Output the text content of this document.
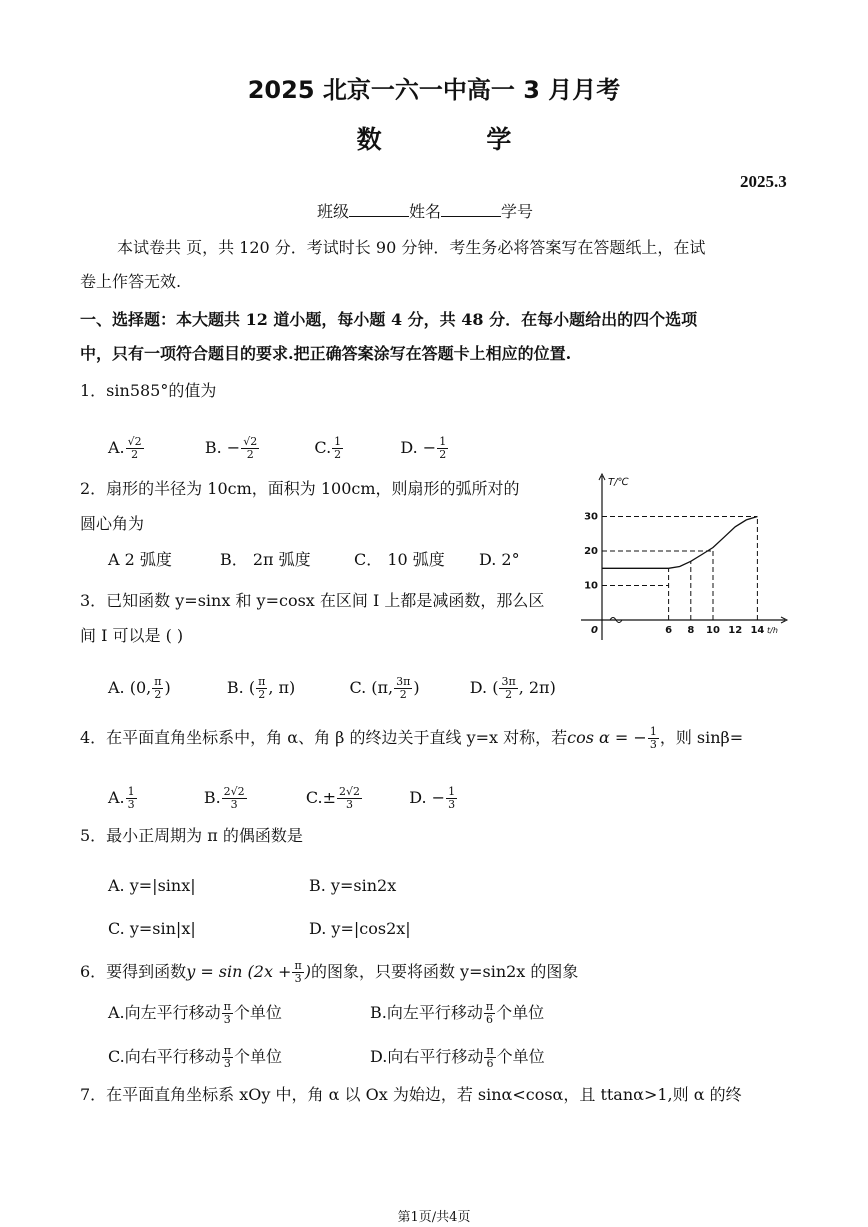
2025 北京一六一中高一 3 月月考
数 学
2025.3
班级	姓名	学号
本试卷共 页，共 120 分．考试时长 90 分钟．考生务必将答案写在答题纸上，在试
卷上作答无效.
一、选择题：本大题共 12 道小题，每小题 4 分，共 48 分．在每小题给出的四个选项
中，只有一项符合题目的要求.把正确答案涂写在答题卡上相应的位置.
1．sin585°的值为
A. $\frac{√2}{2}$	B. − $\frac{√2}{2}$	C. $\frac{1}{2}$	D. − $\frac{1}{2}$
2．扇形的半径为 10cm，面积为 100cm，则扇形的弧所对的
圆心角为
A 2 弧度	B． 2π 弧度	C． 10 弧度 D. 2°
T/℃
t/h
0	6 8 10 12 14
10
20
30
3．已知函数 y=sinx 和 y=cosx 在区间 I 上都是减函数，那么区
间 I 可以是 ( )
A. (0, $\frac{\pi}{2}$ )	B. ( $\frac{\pi}{2}$ , π)	C. (π, $\frac{3\pi}{2}$ )	D. ( $\frac{3\pi}{2}$ , 2π)
4．在平面直角坐标系中，角 α、角 β 的终边关于直线 y=x 对称，若cos α = − $\frac{1}{3}$ ，则 sinβ=
A. $\frac{1}{3}$	B. $\frac{2√2}{3}$	$C.\pm \frac{2√2}{3}$	D. − $\frac{1}{3}$
5．最小正周期为 π 的偶函数是
A. y=|sinx|	B. y=sin2x
C. y=sin|x|	D. y=|cos2x|
6．要得到函数$y = \sin (2x + \frac{\pi}{3}$ )的图象，只要将函数 y=sin2x 的图象
A.向左平行移动 $\frac{\pi}{3}$ 个单位	B.向左平行移动 $\frac{\pi}{6}$ 个单位
C.向右平行移动 $\frac{\pi}{3}$ 个单位	D.向右平行移动 $\frac{\pi}{6}$ 个单位
7．在平面直角坐标系 xOy 中，角 α 以 Ox 为始边，若 sinα<cosα，且 ttanα>1,则 α 的终
第1页/共4页
